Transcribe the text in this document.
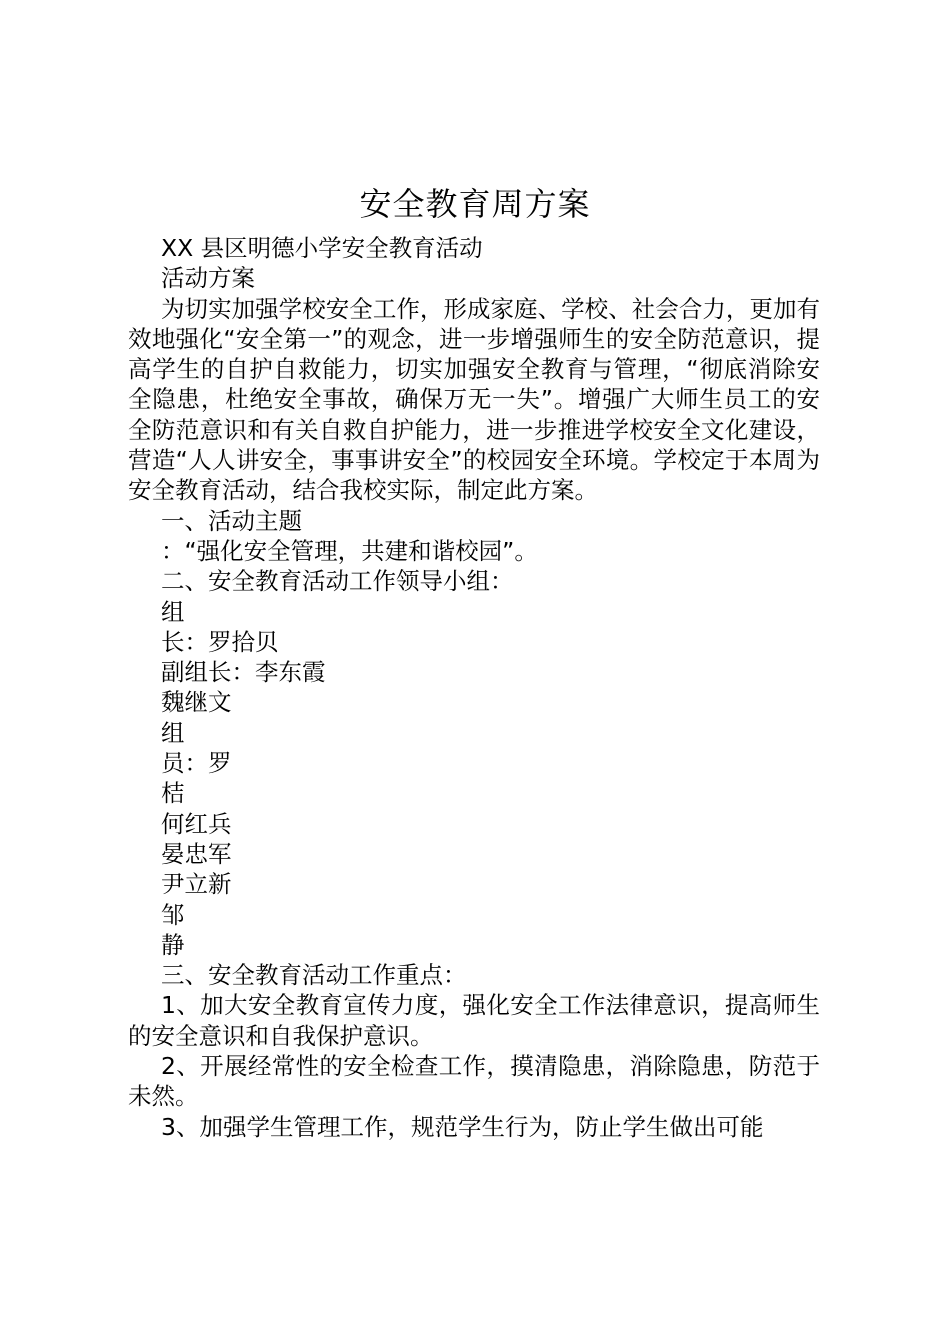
安全教育周方案

XX 县区明德小学安全教育活动

活动方案

为切实加强学校安全工作，形成家庭、学校、社会合力，更加有效地强化“安全第一”的观念，进一步增强师生的安全防范意识，提高学生的自护自救能力，切实加强安全教育与管理，“彻底消除安全隐患，杜绝安全事故，确保万无一失”。增强广大师生员工的安全防范意识和有关自救自护能力，进一步推进学校安全文化建设，营造“人人讲安全，事事讲安全”的校园安全环境。学校定于本周为安全教育活动，结合我校实际，制定此方案。

一、活动主题

：“强化安全管理，共建和谐校园”。

二、安全教育活动工作领导小组：

组

长：罗拾贝

副组长：李东霞

魏继文

组

员：罗

桔

何红兵

晏忠军

尹立新

邹

静

三、安全教育活动工作重点：

1、加大安全教育宣传力度，强化安全工作法律意识，提高师生的安全意识和自我保护意识。

2、开展经常性的安全检查工作，摸清隐患，消除隐患，防范于未然。

3、加强学生管理工作，规范学生行为，防止学生做出可能
